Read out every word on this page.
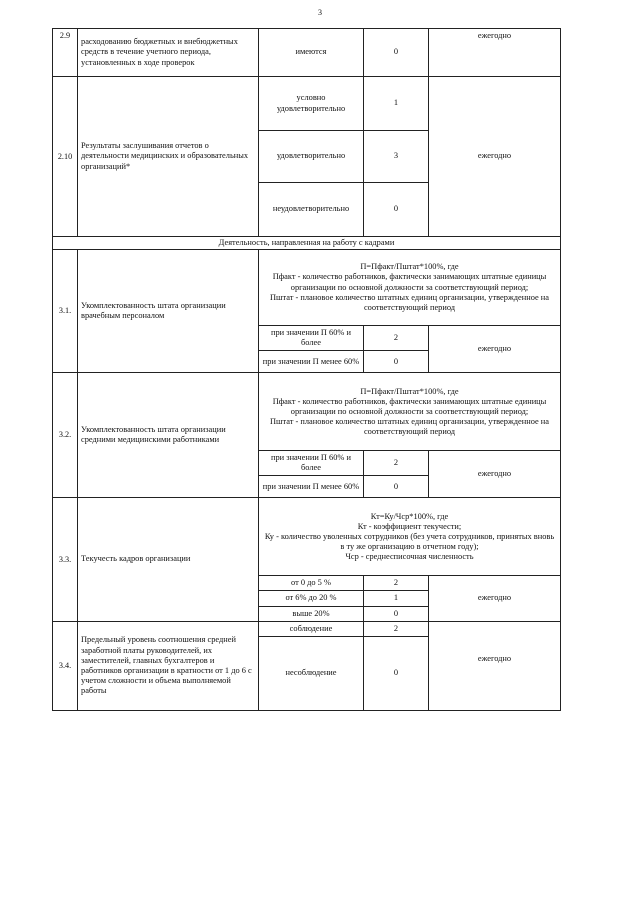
3
2.9	расходованию бюджетных и внебюджетных средств в течение учетного периода, установленных в ходе проверок	имеются	0	ежегодно
2.10	Результаты заслушивания отчетов о деятельности медицинских и образовательных организаций*	условно удовлетворительно	1	ежегодно
		удовлетворительно	3	
		неудовлетворительно	0	
Деятельность, направленная на работу с кадрами				
3.1.	Укомплектованность штата организации врачебным персоналом	П=Пфакт/Пштат*100%, где
Пфакт - количество работников, фактически занимающих штатные единицы организации по основной должности за соответствующий период;
Пштат - плановое количество штатных единиц организации, утвержденное на соответствующий период		

		при значении П 60% и более	2	ежегодно
		при значении П менее 60%	0	
3.2.	Укомплектованность штата организации средними медицинскими работниками	П=Пфакт/Пштат*100%, где
Пфакт - количество работников, фактически занимающих штатные единицы организации по основной должности за соответствующий период;
Пштат - плановое количество штатных единиц организации, утвержденное на соответствующий период		

		при значении П 60% и более	2	ежегодно
		при значении П менее 60%	0	
3.3.	Текучесть кадров организации	Кт=Ку/Чср*100%, где
Кт - коэффициент текучести;
Ку - количество уволенных сотрудников (без учета сотрудников, принятых вновь в ту же организацию в отчетном году);
Чср - среднесписочная численность		

		от 0 до 5 %	2	ежегодно
		от 6% до 20 %	1	
		выше 20%	0	
3.4.	Предельный уровень соотношения средней заработной платы руководителей, их заместителей, главных бухгалтеров и работников организации в кратности от 1 до 6 с учетом сложности и объема выполняемой работы	соблюдение	2	ежегодно
		несоблюдение	0	
